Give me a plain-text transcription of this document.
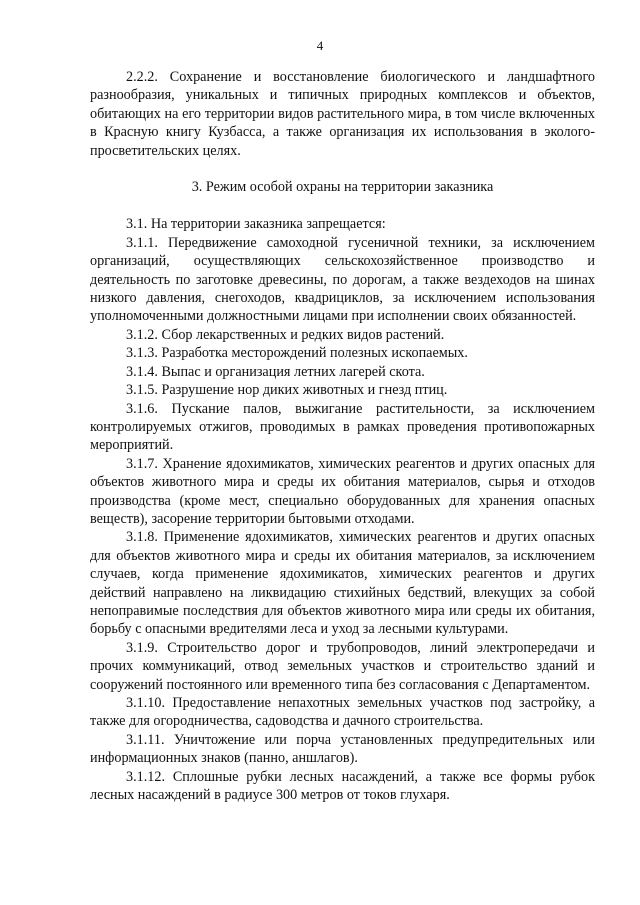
4

2.2.2. Сохранение и восстановление биологического и ландшафтного разнообразия, уникальных и типичных природных комплексов и объектов, обитающих на его территории видов растительного мира, в том числе включенных в Красную книгу Кузбасса, а также организация их использования в эколого-просветительских целях.

3. Режим особой охраны на территории заказника

3.1. На территории заказника запрещается:

3.1.1. Передвижение самоходной гусеничной техники, за исключением организаций, осуществляющих сельскохозяйственное производство и деятельность по заготовке древесины, по дорогам, а также вездеходов на шинах низкого давления, снегоходов, квадрициклов, за исключением использования уполномоченными должностными лицами при исполнении своих обязанностей.

3.1.2. Сбор лекарственных и редких видов растений.

3.1.3. Разработка месторождений полезных ископаемых.

3.1.4. Выпас и организация летних лагерей скота.

3.1.5. Разрушение нор диких животных и гнезд птиц.

3.1.6. Пускание палов, выжигание растительности, за исключением контролируемых отжигов, проводимых в рамках проведения противопожарных мероприятий.

3.1.7. Хранение ядохимикатов, химических реагентов и других опасных для объектов животного мира и среды их обитания материалов, сырья и отходов производства (кроме мест, специально оборудованных для хранения опасных веществ), засорение территории бытовыми отходами.

3.1.8. Применение ядохимикатов, химических реагентов и других опасных для объектов животного мира и среды их обитания материалов, за исключением случаев, когда применение ядохимикатов, химических реагентов и других действий направлено на ликвидацию стихийных бедствий, влекущих за собой непоправимые последствия для объектов животного мира или среды их обитания, борьбу с опасными вредителями леса и уход за лесными культурами.

3.1.9. Строительство дорог и трубопроводов, линий электропередачи и прочих коммуникаций, отвод земельных участков и строительство зданий и сооружений постоянного или временного типа без согласования с Департаментом.

3.1.10. Предоставление непахотных земельных участков под застройку, а также для огородничества, садоводства и дачного строительства.

3.1.11. Уничтожение или порча установленных предупредительных или информационных знаков (панно, аншлагов).

3.1.12. Сплошные рубки лесных насаждений, а также все формы рубок лесных насаждений в радиусе 300 метров от токов глухаря.
